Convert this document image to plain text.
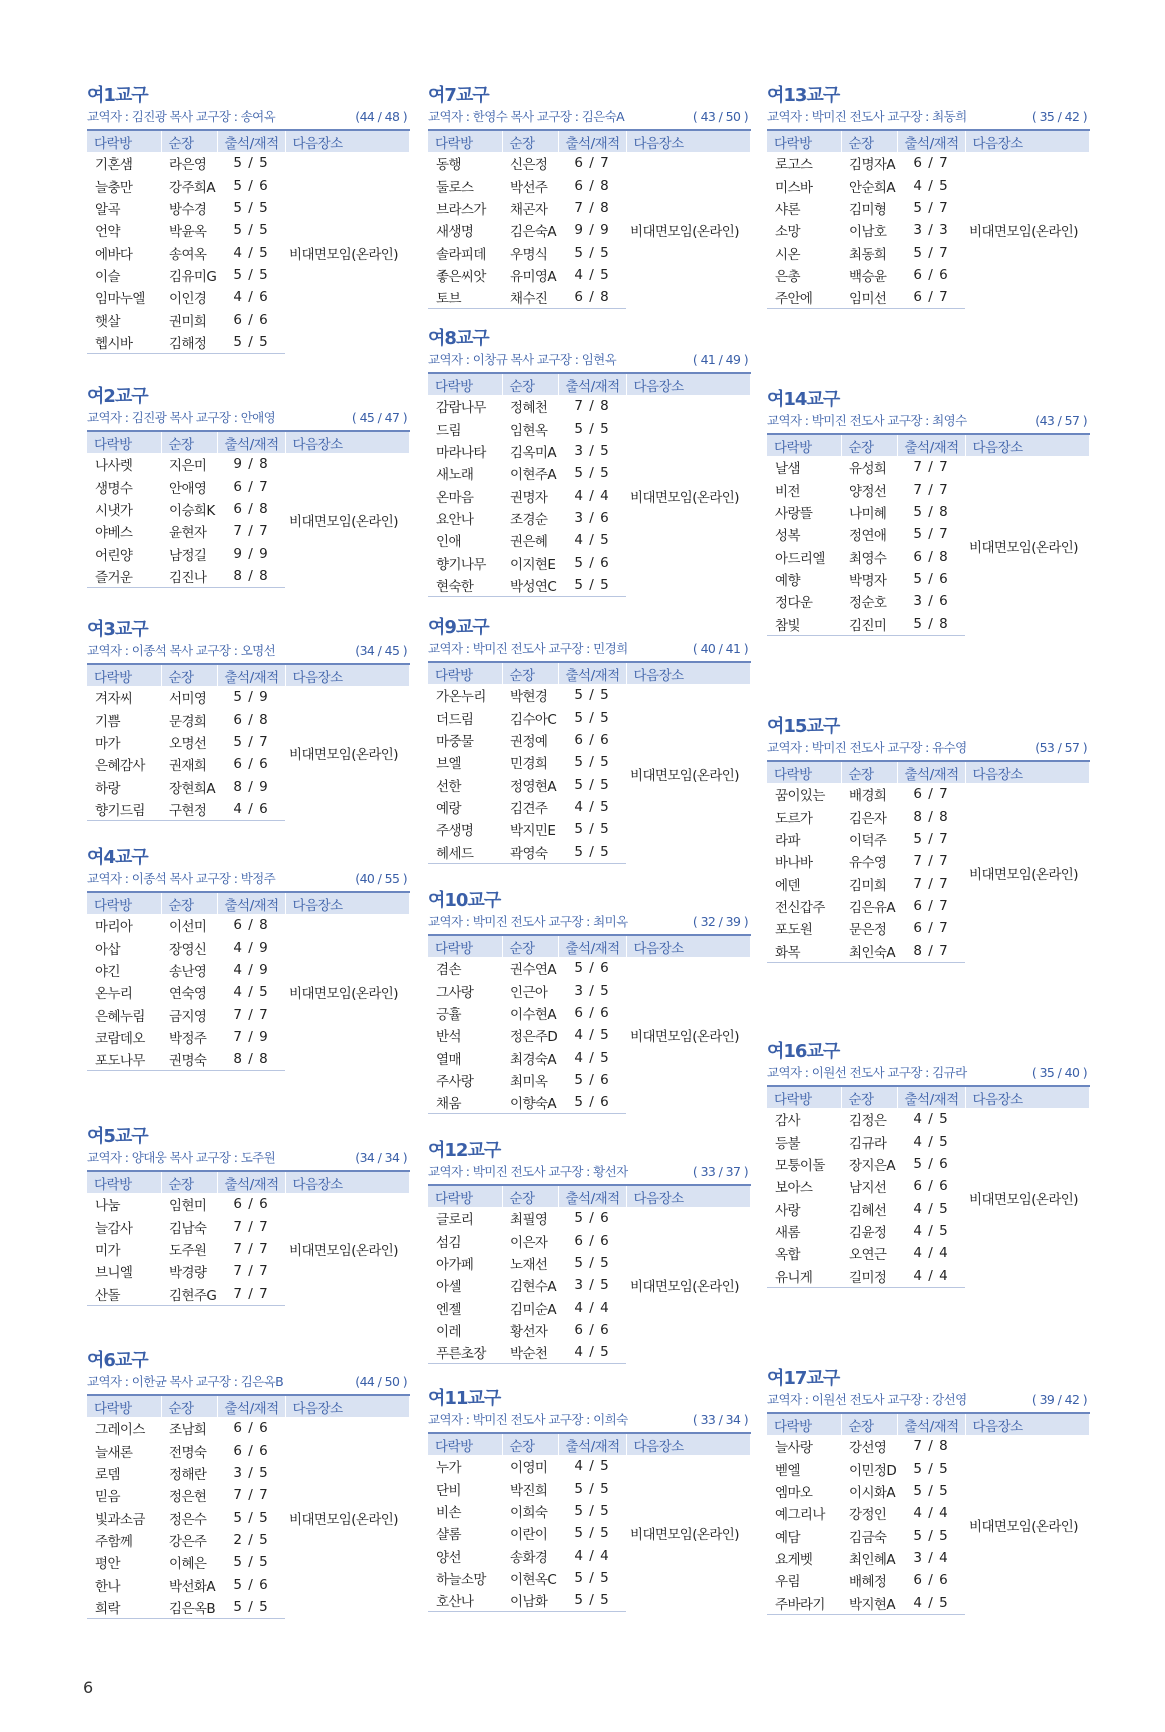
여1교구
교역자 : 김진광 목사 교구장 : 송여옥	(44 / 48 )
다락방	순장	출석/재적	다음장소
기혼샘	라은영	5 / 5	비대면모임(온라인)
늘충만	강주희A	5 / 6	
알곡	방수경	5 / 5	
언약	박윤옥	5 / 5	
에바다	송여옥	4 / 5	
이슬	김유미G	5 / 5	
임마누엘	이인경	4 / 6	
햇살	권미희	6 / 6	
헵시바	김해정	5 / 5	
여2교구
교역자 : 김진광 목사 교구장 : 안애영	( 45 / 47 )
다락방	순장	출석/재적	다음장소
나사렛	지은미	9 / 8	비대면모임(온라인)
생명수	안애영	6 / 7	
시냇가	이승희K	6 / 8	
야베스	윤현자	7 / 7	
어린양	남정길	9 / 9	
즐거운	김진나	8 / 8	
여3교구
교역자 : 이종석 목사 교구장 : 오명선	(34 / 45 )
다락방	순장	출석/재적	다음장소
겨자씨	서미영	5 / 9	비대면모임(온라인)
기쁨	문경희	6 / 8	
마가	오명선	5 / 7	
은혜감사	권재희	6 / 6	
하랑	장현희A	8 / 9	
향기드림	구현정	4 / 6	
여4교구
교역자 : 이종석 목사 교구장 : 박정주	(40 / 55 )
다락방	순장	출석/재적	다음장소
마리아	이선미	6 / 8	비대면모임(온라인)
아삽	장영신	4 / 9	
야긴	송난영	4 / 9	
온누리	연숙영	4 / 5	
은혜누림	금지영	7 / 7	
코람데오	박정주	7 / 9	
포도나무	권명숙	8 / 8	
여5교구
교역자 : 양대웅 목사 교구장 : 도주원	(34 / 34 )
다락방	순장	출석/재적	다음장소
나눔	임현미	6 / 6	비대면모임(온라인)
늘감사	김남숙	7 / 7	
미가	도주원	7 / 7	
브니엘	박경량	7 / 7	
산돌	김현주G	7 / 7	
여6교구
교역자 : 이한균 목사 교구장 : 김은옥B	(44 / 50 )
다락방	순장	출석/재적	다음장소
그레이스	조남희	6 / 6	비대면모임(온라인)
늘새론	전명숙	6 / 6	
로뎀	정해란	3 / 5	
믿음	정은현	7 / 7	
빛과소금	정은수	5 / 5	
주함께	강은주	2 / 5	
평안	이혜은	5 / 5	
한나	박선화A	5 / 6	
희락	김은옥B	5 / 5	
여7교구
교역자 : 한영수 목사 교구장 : 김은숙A	( 43 / 50 )
다락방	순장	출석/재적	다음장소
동행	신은정	6 / 7	비대면모임(온라인)
둘로스	박선주	6 / 8	
브라스가	채곤자	7 / 8	
새생명	김은숙A	9 / 9	
솔라피데	우명식	5 / 5	
좋은씨앗	유미영A	4 / 5	
토브	채수진	6 / 8	
여8교구
교역자 : 이창규 목사 교구장 : 임현옥	( 41 / 49 )
다락방	순장	출석/재적	다음장소
감람나무	정혜천	7 / 8	비대면모임(온라인)
드림	임현옥	5 / 5	
마라나타	김옥미A	3 / 5	
새노래	이현주A	5 / 5	
온마음	권명자	4 / 4	
요안나	조경순	3 / 6	
인애	권은혜	4 / 5	
향기나무	이지현E	5 / 6	
현숙한	박성연C	5 / 5	
여9교구
교역자 : 박미진 전도사 교구장 : 민경희	( 40 / 41 )
다락방	순장	출석/재적	다음장소
가온누리	박현경	5 / 5	비대면모임(온라인)
더드림	김수아C	5 / 5	
마중물	권정예	6 / 6	
브엘	민경희	5 / 5	
선한	정영현A	5 / 5	
예랑	김견주	4 / 5	
주생명	박지민E	5 / 5	
헤세드	곽영숙	5 / 5	
여10교구
교역자 : 박미진 전도사 교구장 : 최미옥	( 32 / 39 )
다락방	순장	출석/재적	다음장소
겸손	권수연A	5 / 6	비대면모임(온라인)
그사랑	인근아	3 / 5	
긍휼	이수현A	6 / 6	
반석	정은주D	4 / 5	
열매	최경숙A	4 / 5	
주사랑	최미옥	5 / 6	
채움	이향숙A	5 / 6	
여12교구
교역자 : 박미진 전도사 교구장 : 황선자	( 33 / 37 )
다락방	순장	출석/재적	다음장소
글로리	최필영	5 / 6	비대면모임(온라인)
섬김	이은자	6 / 6	
아가페	노재선	5 / 5	
아셀	김현수A	3 / 5	
엔젤	김미순A	4 / 4	
이레	황선자	6 / 6	
푸른초장	박순천	4 / 5	
여11교구
교역자 : 박미진 전도사 교구장 : 이희숙	( 33 / 34 )
다락방	순장	출석/재적	다음장소
누가	이영미	4 / 5	비대면모임(온라인)
단비	박진희	5 / 5	
비손	이희숙	5 / 5	
샬롬	이란이	5 / 5	
양선	송화경	4 / 4	
하늘소망	이현옥C	5 / 5	
호산나	이남화	5 / 5	
여13교구
교역자 : 박미진 전도사 교구장 : 최동희	( 35 / 42 )
다락방	순장	출석/재적	다음장소
로고스	김명자A	6 / 7	비대면모임(온라인)
미스바	안순희A	4 / 5	
샤론	김미형	5 / 7	
소망	이남호	3 / 3	
시온	최동희	5 / 7	
은총	백승윤	6 / 6	
주안에	임미선	6 / 7	
여14교구
교역자 : 박미진 전도사 교구장 : 최영수	(43 / 57 )
다락방	순장	출석/재적	다음장소
날샘	유성희	7 / 7	비대면모임(온라인)
비전	양정선	7 / 7	
사랑뜰	나미혜	5 / 8	
성복	정연애	5 / 7	
아드리엘	최영수	6 / 8	
예향	박명자	5 / 6	
정다운	정순호	3 / 6	
참빛	김진미	5 / 8	
여15교구
교역자 : 박미진 전도사 교구장 : 유수영	(53 / 57 )
다락방	순장	출석/재적	다음장소
꿈이있는	배경희	6 / 7	비대면모임(온라인)
도르가	김은자	8 / 8	
라파	이덕주	5 / 7	
바나바	유수영	7 / 7	
에덴	김미희	7 / 7	
전신갑주	김은유A	6 / 7	
포도원	문은정	6 / 7	
화목	최인숙A	8 / 7	
여16교구
교역자 : 이원선 전도사 교구장 : 김규라	( 35 / 40 )
다락방	순장	출석/재적	다음장소
감사	김정은	4 / 5	비대면모임(온라인)
등불	김규라	4 / 5	
모퉁이돌	장지은A	5 / 6	
보아스	남지선	6 / 6	
사랑	김혜선	4 / 5	
새롬	김윤정	4 / 5	
옥합	오연근	4 / 4	
유니게	길미정	4 / 4	
여17교구
교역자 : 이원선 전도사 교구장 : 강선영	( 39 / 42 )
다락방	순장	출석/재적	다음장소
늘사랑	강선영	7 / 8	비대면모임(온라인)
벧엘	이민정D	5 / 5	
엠마오	이시화A	5 / 5	
예그리나	강정인	4 / 4	
예담	김금숙	5 / 5	
요게벳	최인혜A	3 / 4	
우림	배혜정	6 / 6	
주바라기	박지현A	4 / 5	
6
